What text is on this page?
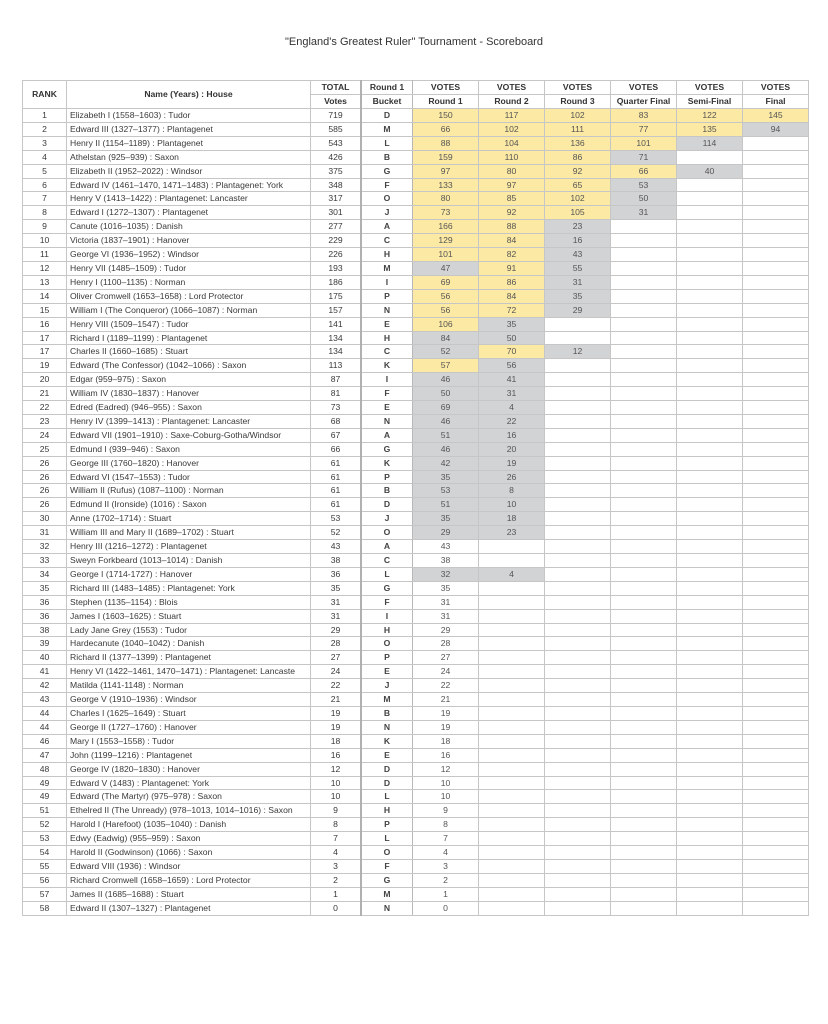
"England's Greatest Ruler" Tournament - Scoreboard
RANK	Name (Years) : House	TOTAL	Round 1	VOTES	VOTES	VOTES	VOTES	VOTES	VOTES
		Votes	Bucket	Round 1	Round 2	Round 3	Quarter Final	Semi-Final	Final
1	Elizabeth I (1558–1603) : Tudor	719	D	150	117	102	83	122	145
2	Edward III (1327–1377) : Plantagenet	585	M	66	102	111	77	135	94
3	Henry II (1154–1189) : Plantagenet	543	L	88	104	136	101	114	
4	Athelstan (925–939) : Saxon	426	B	159	110	86	71		
5	Elizabeth II (1952–2022) : Windsor	375	G	97	80	92	66	40	
6	Edward IV (1461–1470, 1471–1483) : Plantagenet: York	348	F	133	97	65	53		
7	Henry V (1413–1422) : Plantagenet: Lancaster	317	O	80	85	102	50		
8	Edward I (1272–1307) : Plantagenet	301	J	73	92	105	31		
9	Canute (1016–1035) : Danish	277	A	166	88	23			
10	Victoria (1837–1901) : Hanover	229	C	129	84	16			
11	George VI (1936–1952) : Windsor	226	H	101	82	43			
12	Henry VII (1485–1509) : Tudor	193	M	47	91	55			
13	Henry I (1100–1135) : Norman	186	I	69	86	31			
14	Oliver Cromwell (1653–1658) : Lord Protector	175	P	56	84	35			
15	William I (The Conqueror) (1066–1087) : Norman	157	N	56	72	29			
16	Henry VIII (1509–1547) : Tudor	141	E	106	35				
17	Richard I (1189–1199) : Plantagenet	134	H	84	50				
17	Charles II (1660–1685) : Stuart	134	C	52	70	12			
19	Edward (The Confessor) (1042–1066) : Saxon	113	K	57	56				
20	Edgar (959–975) : Saxon	87	I	46	41				
21	William IV (1830–1837) : Hanover	81	F	50	31				
22	Edred (Eadred) (946–955) : Saxon	73	E	69	4				
23	Henry IV (1399–1413) : Plantagenet: Lancaster	68	N	46	22				
24	Edward VII (1901–1910) : Saxe-Coburg-Gotha/Windsor	67	A	51	16				
25	Edmund I (939–946) : Saxon	66	G	46	20				
26	George III (1760–1820) : Hanover	61	K	42	19				
26	Edward VI (1547–1553) : Tudor	61	P	35	26				
26	William II (Rufus) (1087–1100) : Norman	61	B	53	8				
26	Edmund II (Ironside) (1016) : Saxon	61	D	51	10				
30	Anne (1702–1714) : Stuart	53	J	35	18				
31	William III and Mary II (1689–1702) : Stuart	52	O	29	23				
32	Henry III (1216–1272) : Plantagenet	43	A	43					
33	Sweyn Forkbeard (1013–1014) : Danish	38	C	38					
34	George I (1714-1727) : Hanover	36	L	32	4				
35	Richard III (1483–1485) : Plantagenet: York	35	G	35					
36	Stephen (1135–1154) : Blois	31	F	31					
36	James I (1603–1625) : Stuart	31	I	31					
38	Lady Jane Grey (1553) : Tudor	29	H	29					
39	Hardecanute (1040–1042) : Danish	28	O	28					
40	Richard II (1377–1399) : Plantagenet	27	P	27					
41	Henry VI (1422–1461, 1470–1471) : Plantagenet: Lancaste	24	E	24					
42	Matilda (1141-1148) : Norman	22	J	22					
43	George V (1910–1936) : Windsor	21	M	21					
44	Charles I (1625–1649) : Stuart	19	B	19					
44	George II (1727–1760) : Hanover	19	N	19					
46	Mary I (1553–1558) : Tudor	18	K	18					
47	John (1199–1216) : Plantagenet	16	E	16					
48	George IV (1820–1830) : Hanover	12	D	12					
49	Edward V (1483) : Plantagenet: York	10	D	10					
49	Edward (The Martyr) (975–978) : Saxon	10	L	10					
51	Ethelred II (The Unready) (978–1013, 1014–1016) : Saxon	9	H	9					
52	Harold I (Harefoot) (1035–1040) : Danish	8	P	8					
53	Edwy (Eadwig) (955–959) : Saxon	7	L	7					
54	Harold II (Godwinson) (1066) : Saxon	4	O	4					
55	Edward VIII (1936) : Windsor	3	F	3					
56	Richard Cromwell (1658–1659) : Lord Protector	2	G	2					
57	James II (1685–1688) : Stuart	1	M	1					
58	Edward II (1307–1327) : Plantagenet	0	N	0					
